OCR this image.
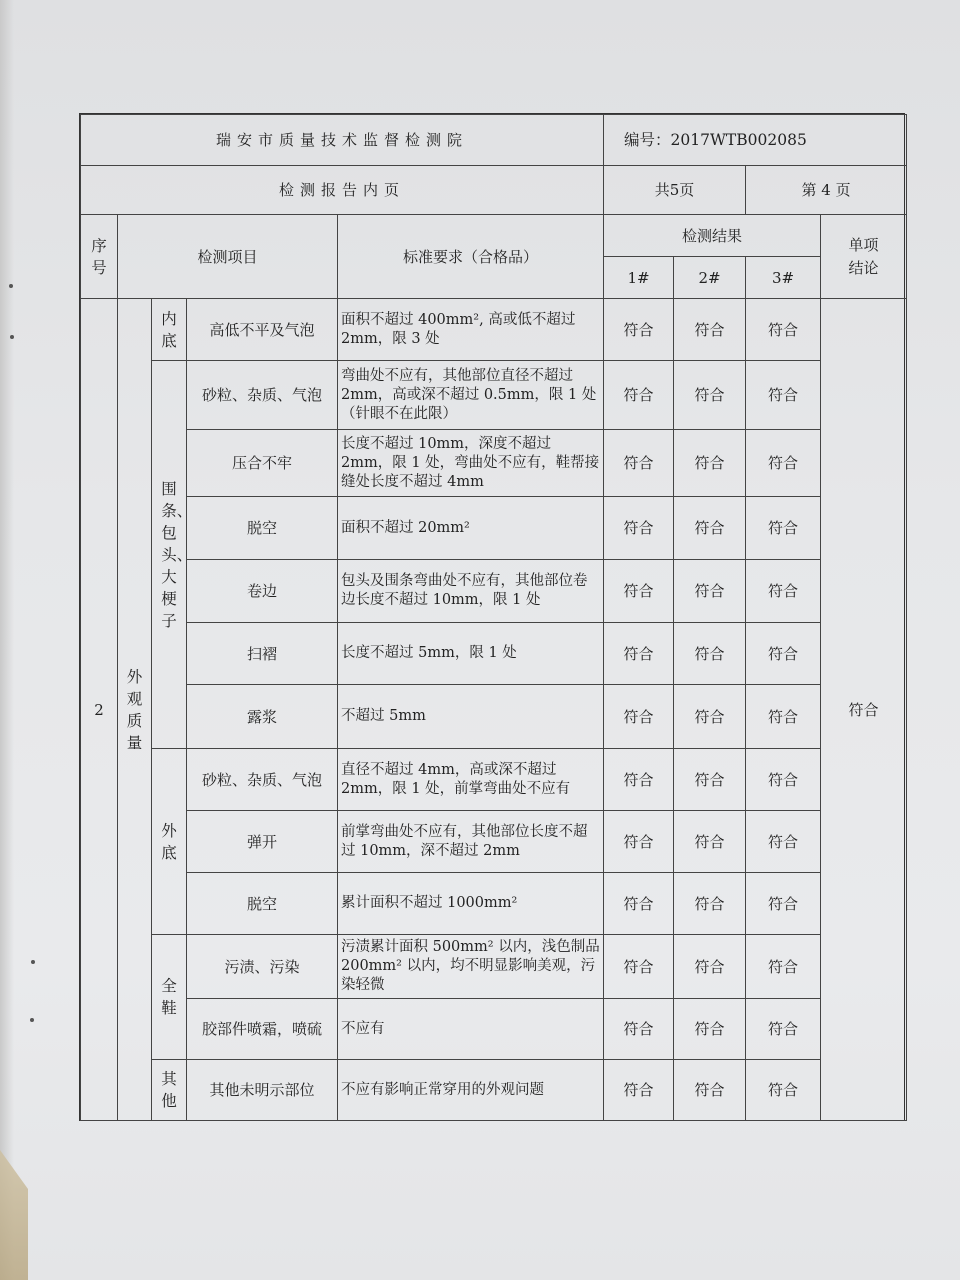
瑞安市质量技术监督检测院					编号：2017WTB002085			
检测报告内页					共5页		第 4 页	
序号	检测项目			标准要求（合格品）	检测结果			单项结论
					1#	2#	3#	
2	外观质量	内底	高低不平及气泡	面积不超过 400mm², 高或低不超过 2mm，限 3 处	符合	符合	符合	符合
		围条、包头、大梗子	砂粒、杂质、气泡	弯曲处不应有，其他部位直径不超过 2mm，高或深不超过 0.5mm，限 1 处（针眼不在此限）	符合	符合	符合	
			压合不牢	长度不超过 10mm，深度不超过 2mm，限 1 处，弯曲处不应有，鞋帮接缝处长度不超过 4mm	符合	符合	符合	
			脱空	面积不超过 20mm²	符合	符合	符合	
			卷边	包头及围条弯曲处不应有，其他部位卷边长度不超过 10mm，限 1 处	符合	符合	符合	
			扫褶	长度不超过 5mm，限 1 处	符合	符合	符合	
			露浆	不超过 5mm	符合	符合	符合	
		外底	砂粒、杂质、气泡	直径不超过 4mm，高或深不超过 2mm，限 1 处，前掌弯曲处不应有	符合	符合	符合	
			弹开	前掌弯曲处不应有，其他部位长度不超过 10mm，深不超过 2mm	符合	符合	符合	
			脱空	累计面积不超过 1000mm²	符合	符合	符合	
		全鞋	污渍、污染	污渍累计面积 500mm² 以内，浅色制品 200mm² 以内，均不明显影响美观，污染轻微	符合	符合	符合	
			胶部件喷霜，喷硫	不应有	符合	符合	符合	
		其他	其他未明示部位	不应有影响正常穿用的外观问题	符合	符合	符合	
